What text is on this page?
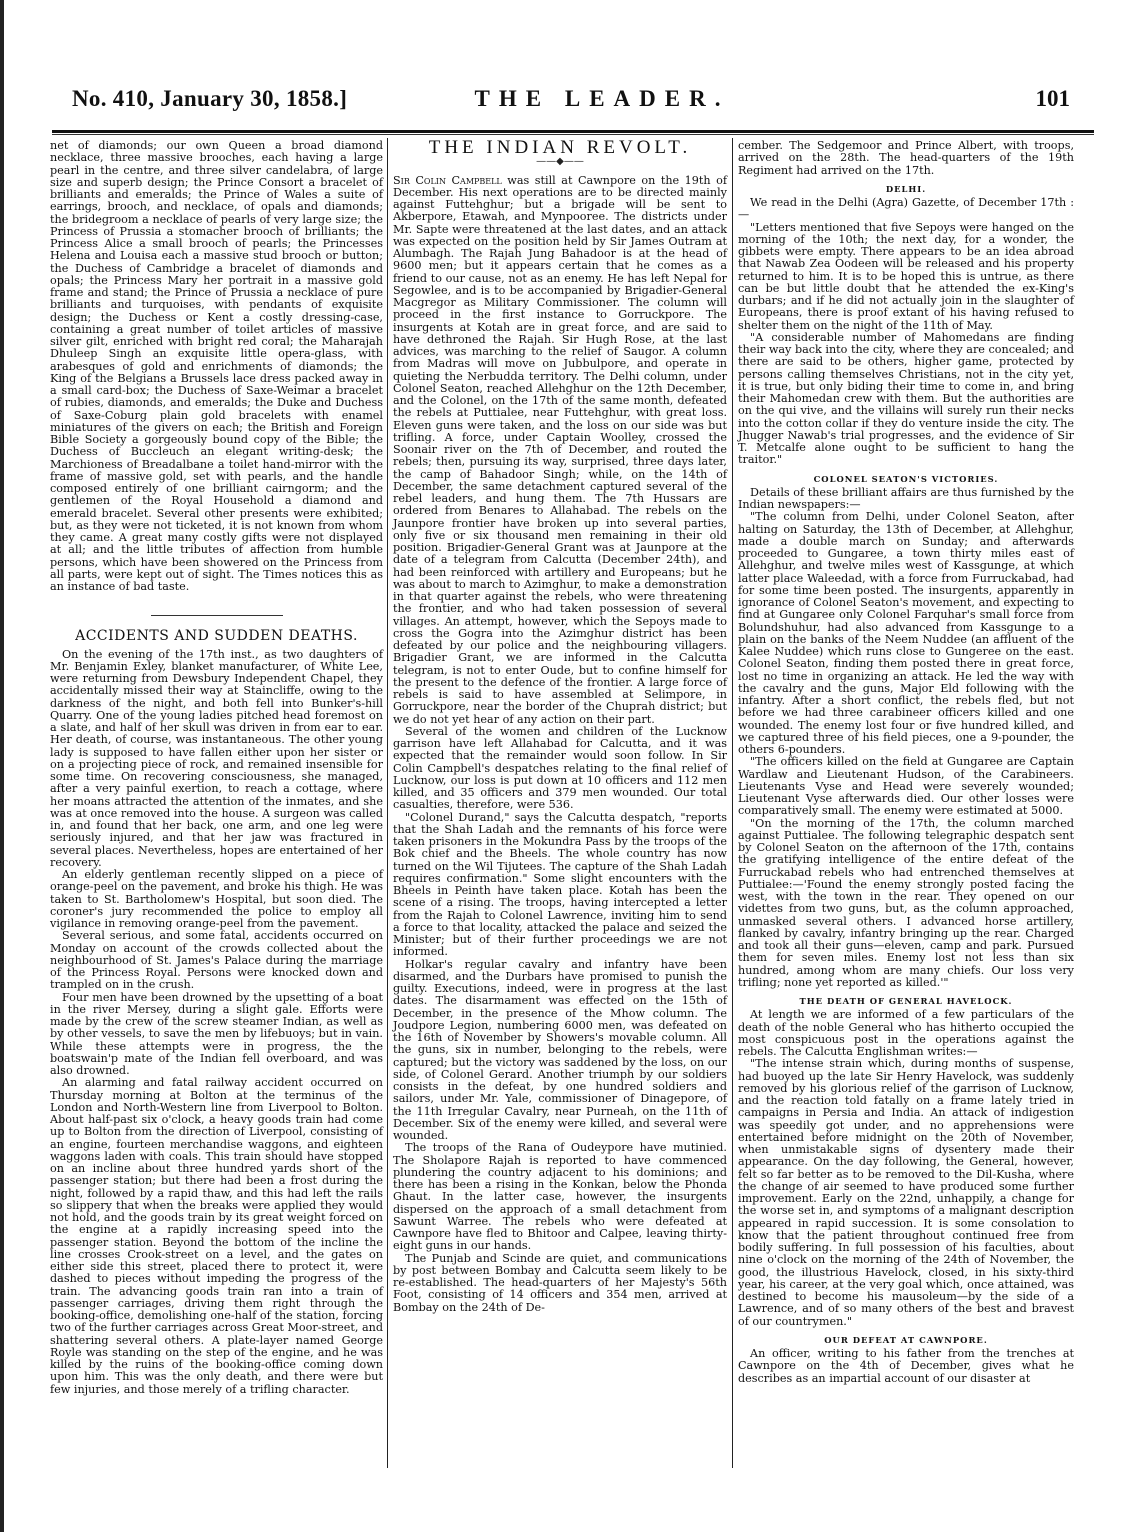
No. 410, January 30, 1858.]	THE LEADER.	101

net of diamonds; our own Queen a broad diamond necklace, three massive brooches, each having a large pearl in the centre, and three silver candelabra, of large size and superb design; the Prince Consort a bracelet of brilliants and emeralds; the Prince of Wales a suite of earrings, brooch, and necklace, of opals and diamonds; the bridegroom a necklace of pearls of very large size; the Princess of Prussia a stomacher brooch of brilliants; the Princess Alice a small brooch of pearls; the Princesses Helena and Louisa each a massive stud brooch or button; the Duchess of Cambridge a bracelet of diamonds and opals; the Princess Mary her portrait in a massive gold frame and stand; the Prince of Prussia a necklace of pure brilliants and turquoises, with pendants of exquisite design; the Duchess or Kent a costly dressing-case, containing a great number of toilet articles of massive silver gilt, enriched with bright red coral; the Maharajah Dhuleep Singh an exquisite little opera-glass, with arabesques of gold and enrichments of diamonds; the King of the Belgians a Brussels lace dress packed away in a small card-box; the Duchess of Saxe-Weimar a bracelet of rubies, diamonds, and emeralds; the Duke and Duchess of Saxe-Coburg plain gold bracelets with enamel miniatures of the givers on each; the British and Foreign Bible Society a gorgeously bound copy of the Bible; the Duchess of Buccleuch an elegant writing-desk; the Marchioness of Breadalbane a toilet hand-mirror with the frame of massive gold, set with pearls, and the handle composed entirely of one brilliant cairngorm; and the gentlemen of the Royal Household a diamond and emerald bracelet. Several other presents were exhibited; but, as they were not ticketed, it is not known from whom they came. A great many costly gifts were not displayed at all; and the little tributes of affection from humble persons, which have been showered on the Princess from all parts, were kept out of sight. The Times notices this as an instance of bad taste.

ACCIDENTS AND SUDDEN DEATHS.

On the evening of the 17th inst., as two daughters of Mr. Benjamin Exley, blanket manufacturer, of White Lee, were returning from Dewsbury Independent Chapel, they accidentally missed their way at Staincliffe, owing to the darkness of the night, and both fell into Bunker's-hill Quarry. One of the young ladies pitched head foremost on a slate, and half of her skull was driven in from ear to ear. Her death, of course, was instantaneous. The other young lady is supposed to have fallen either upon her sister or on a projecting piece of rock, and remained insensible for some time. On recovering consciousness, she managed, after a very painful exertion, to reach a cottage, where her moans attracted the attention of the inmates, and she was at once removed into the house. A surgeon was called in, and found that her back, one arm, and one leg were seriously injured, and that her jaw was fractured in several places. Nevertheless, hopes are entertained of her recovery.

An elderly gentleman recently slipped on a piece of orange-peel on the pavement, and broke his thigh. He was taken to St. Bartholomew's Hospital, but soon died. The coroner's jury recommended the police to employ all vigilance in removing orange-peel from the pavement.

Several serious, and some fatal, accidents occurred on Monday on account of the crowds collected about the neighbourhood of St. James's Palace during the marriage of the Princess Royal. Persons were knocked down and trampled on in the crush.

Four men have been drowned by the upsetting of a boat in the river Mersey, during a slight gale. Efforts were made by the crew of the screw steamer Indian, as well as by other vessels, to save the men by lifebuoys; but in vain. While these attempts were in progress, the the boatswain'p mate of the Indian fell overboard, and was also drowned.

An alarming and fatal railway accident occurred on Thursday morning at Bolton at the terminus of the London and North-Western line from Liverpool to Bolton. About half-past six o'clock, a heavy goods train had come up to Bolton from the direction of Liverpool, consisting of an engine, fourteen merchandise waggons, and eighteen waggons laden with coals. This train should have stopped on an incline about three hundred yards short of the passenger station; but there had been a frost during the night, followed by a rapid thaw, and this had left the rails so slippery that when the breaks were applied they would not hold, and the goods train by its great weight forced on the engine at a rapidly increasing speed into the passenger station. Beyond the bottom of the incline the line crosses Crook-street on a level, and the gates on either side this street, placed there to protect it, were dashed to pieces without impeding the progress of the train. The advancing goods train ran into a train of passenger carriages, driving them right through the booking-office, demolishing one-half of the station, forcing two of the further carriages across Great Moor-street, and shattering several others. A plate-layer named George Royle was standing on the step of the engine, and he was killed by the ruins of the booking-office coming down upon him. This was the only death, and there were but few injuries, and those merely of a trifling character.

THE INDIAN REVOLT.
——◆——

Sir Colin Campbell was still at Cawnpore on the 19th of December. His next operations are to be directed mainly against Futtehghur; but a brigade will be sent to Akberpore, Etawah, and Mynpooree. The districts under Mr. Sapte were threatened at the last dates, and an attack was expected on the position held by Sir James Outram at Alumbagh. The Rajah Jung Bahadoor is at the head of 9600 men; but it appears certain that he comes as a friend to our cause, not as an enemy. He has left Nepal for Segowlee, and is to be accompanied by Brigadier-General Macgregor as Military Commissioner. The column will proceed in the first instance to Gorruckpore. The insurgents at Kotah are in great force, and are said to have dethroned the Rajah. Sir Hugh Rose, at the last advices, was marching to the relief of Saugor. A column from Madras will move on Jubbulpore, and operate in quieting the Nerbudda territory. The Delhi column, under Colonel Seaton, reached Allehghur on the 12th December, and the Colonel, on the 17th of the same month, defeated the rebels at Puttialee, near Futtehghur, with great loss. Eleven guns were taken, and the loss on our side was but trifling. A force, under Captain Woolley, crossed the Soonair river on the 7th of December, and routed the rebels; then, pursuing its way, surprised, three days later, the camp of Bahadoor Singh; while, on the 14th of December, the same detachment captured several of the rebel leaders, and hung them. The 7th Hussars are ordered from Benares to Allahabad. The rebels on the Jaunpore frontier have broken up into several parties, only five or six thousand men remaining in their old position. Brigadier-General Grant was at Jaunpore at the date of a telegram from Calcutta (December 24th), and had been reinforced with artillery and Europeans; but he was about to march to Azimghur, to make a demonstration in that quarter against the rebels, who were threatening the frontier, and who had taken possession of several villages. An attempt, however, which the Sepoys made to cross the Gogra into the Azimghur district has been defeated by our police and the neighbouring villagers. Brigadier Grant, we are informed in the Calcutta telegram, is not to enter Oude, but to confine himself for the present to the defence of the frontier. A large force of rebels is said to have assembled at Selimpore, in Gorruckpore, near the border of the Chuprah district; but we do not yet hear of any action on their part.

Several of the women and children of the Lucknow garrison have left Allahabad for Calcutta, and it was expected that the remainder would soon follow. In Sir Colin Campbell's despatches relating to the final relief of Lucknow, our loss is put down at 10 officers and 112 men killed, and 35 officers and 379 men wounded. Our total casualties, therefore, were 536.

"Colonel Durand," says the Calcutta despatch, "reports that the Shah Ladah and the remnants of his force were taken prisoners in the Mokundra Pass by the troops of the Bok chief and the Bheels. The whole country has now turned on the Wil Tijutees. The capture of the Shah Ladah requires confirmation." Some slight encounters with the Bheels in Peinth have taken place. Kotah has been the scene of a rising. The troops, having intercepted a letter from the Rajah to Colonel Lawrence, inviting him to send a force to that locality, attacked the palace and seized the Minister; but of their further proceedings we are not informed.

Holkar's regular cavalry and infantry have been disarmed, and the Durbars have promised to punish the guilty. Executions, indeed, were in progress at the last dates. The disarmament was effected on the 15th of December, in the presence of the Mhow column. The Joudpore Legion, numbering 6000 men, was defeated on the 16th of November by Showers's movable column. All the guns, six in number, belonging to the rebels, were captured; but the victory was saddened by the loss, on our side, of Colonel Gerard. Another triumph by our soldiers consists in the defeat, by one hundred soldiers and sailors, under Mr. Yale, commissioner of Dinagepore, of the 11th Irregular Cavalry, near Purneah, on the 11th of December. Six of the enemy were killed, and several were wounded.

The troops of the Rana of Oudeypore have mutinied. The Sholapore Rajah is reported to have commenced plundering the country adjacent to his dominions; and there has been a rising in the Konkan, below the Phonda Ghaut. In the latter case, however, the insurgents dispersed on the approach of a small detachment from Sawunt Warree. The rebels who were defeated at Cawnpore have fled to Bhitoor and Calpee, leaving thirty-eight guns in our hands.

The Punjab and Scinde are quiet, and communications by post between Bombay and Calcutta seem likely to be re-established. The head-quarters of her Majesty's 56th Foot, consisting of 14 officers and 354 men, arrived at Bombay on the 24th of De-

cember. The Sedgemoor and Prince Albert, with troops, arrived on the 28th. The head-quarters of the 19th Regiment had arrived on the 17th.

DELHI.

We read in the Delhi (Agra) Gazette, of December 17th :—

"Letters mentioned that five Sepoys were hanged on the morning of the 10th; the next day, for a wonder, the gibbets were empty. There appears to be an idea abroad that Nawab Zea Oodeen will be released and his property returned to him. It is to be hoped this is untrue, as there can be but little doubt that he attended the ex-King's durbars; and if he did not actually join in the slaughter of Europeans, there is proof extant of his having refused to shelter them on the night of the 11th of May.

"A considerable number of Mahomedans are finding their way back into the city, where they are concealed; and there are said to be others, higher game, protected by persons calling themselves Christians, not in the city yet, it is true, but only biding their time to come in, and bring their Mahomedan crew with them. But the authorities are on the qui vive, and the villains will surely run their necks into the cotton collar if they do venture inside the city. The Jhugger Nawab's trial progresses, and the evidence of Sir T. Metcalfe alone ought to be sufficient to hang the traitor."

COLONEL SEATON'S VICTORIES.

Details of these brilliant affairs are thus furnished by the Indian newspapers:—

"The column from Delhi, under Colonel Seaton, after halting on Saturday, the 13th of December, at Allehghur, made a double march on Sunday; and afterwards proceeded to Gungaree, a town thirty miles east of Allehghur, and twelve miles west of Kassgunge, at which latter place Waleedad, with a force from Furruckabad, had for some time been posted. The insurgents, apparently in ignorance of Colonel Seaton's movement, and expecting to find at Gungaree only Colonel Farquhar's small force from Bolundshuhur, had also advanced from Kassgunge to a plain on the banks of the Neem Nuddee (an affluent of the Kalee Nuddee) which runs close to Gungeree on the east. Colonel Seaton, finding them posted there in great force, lost no time in organizing an attack. He led the way with the cavalry and the guns, Major Eld following with the infantry. After a short conflict, the rebels fled, but not before we had three carabineer officers killed and one wounded. The enemy lost four or five hundred killed, and we captured three of his field pieces, one a 9-pounder, the others 6-pounders.

"The officers killed on the field at Gungaree are Captain Wardlaw and Lieutenant Hudson, of the Carabineers. Lieutenants Vyse and Head were severely wounded; Lieutenant Vyse afterwards died. Our other losses were comparatively small. The enemy were estimated at 5000.

"On the morning of the 17th, the column marched against Puttialee. The following telegraphic despatch sent by Colonel Seaton on the afternoon of the 17th, contains the gratifying intelligence of the entire defeat of the Furruckabad rebels who had entrenched themselves at Puttialee:—'Found the enemy strongly posted facing the west, with the town in the rear. They opened on our videttes from two guns, but, as the column approached, unmasked several others. I advanced horse artillery, flanked by cavalry, infantry bringing up the rear. Charged and took all their guns—eleven, camp and park. Pursued them for seven miles. Enemy lost not less than six hundred, among whom are many chiefs. Our loss very trifling; none yet reported as killed.'"

THE DEATH OF GENERAL HAVELOCK.

At length we are informed of a few particulars of the death of the noble General who has hitherto occupied the most conspicuous post in the operations against the rebels. The Calcutta Englishman writes:—

"The intense strain which, during months of suspense, had buoyed up the late Sir Henry Havelock, was suddenly removed by his glorious relief of the garrison of Lucknow, and the reaction told fatally on a frame lately tried in campaigns in Persia and India. An attack of indigestion was speedily got under, and no apprehensions were entertained before midnight on the 20th of November, when unmistakable signs of dysentery made their appearance. On the day following, the General, however, felt so far better as to be removed to the Dil-Kusha, where the change of air seemed to have produced some further improvement. Early on the 22nd, unhappily, a change for the worse set in, and symptoms of a malignant description appeared in rapid succession. It is some consolation to know that the patient throughout continued free from bodily suffering. In full possession of his faculties, about nine o'clock on the morning of the 24th of November, the good, the illustrious Havelock, closed, in his sixty-third year, his career, at the very goal which, once attained, was destined to become his mausoleum—by the side of a Lawrence, and of so many others of the best and bravest of our countrymen."

OUR DEFEAT AT CAWNPORE.

An officer, writing to his father from the trenches at Cawnpore on the 4th of December, gives what he describes as an impartial account of our disaster at
